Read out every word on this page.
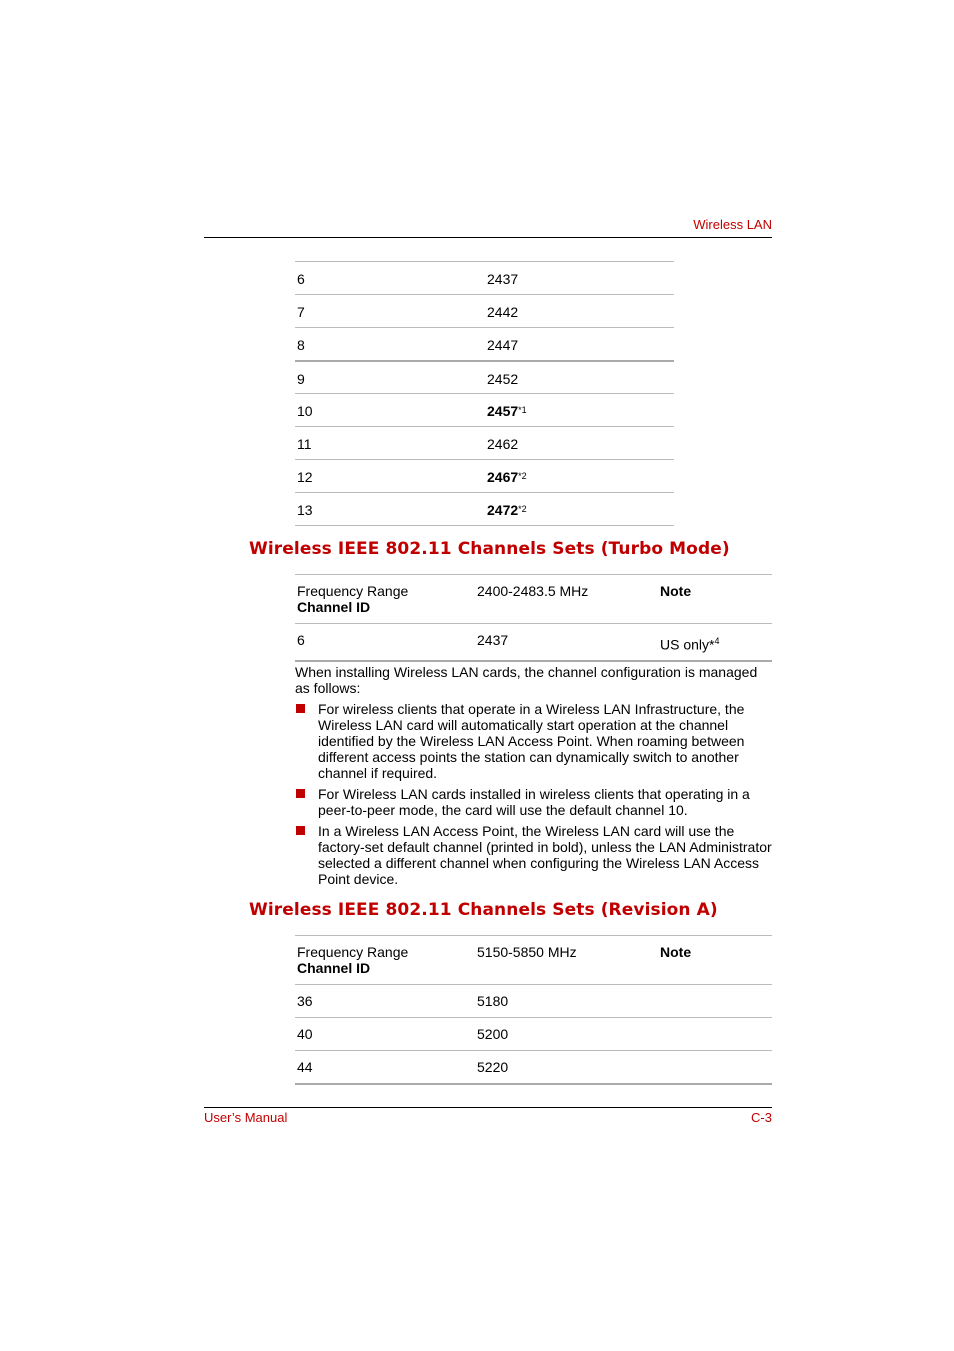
Wireless LAN
6	2437
7	2442
8	2447
9	2452
10	2457$^{*1}$
11	2462
12	2467$^{*2}$
13	2472$^{*2}$
Wireless IEEE 802.11 Channels Sets (Turbo Mode)
Frequency Range
Channel ID	2400-2483.5 MHz	Note
6	2437	US only*$^4$

When installing Wireless LAN cards, the channel configuration is managed as follows:

For wireless clients that operate in a Wireless LAN Infrastructure, the Wireless LAN card will automatically start operation at the channel identified by the Wireless LAN Access Point. When roaming between different access points the station can dynamically switch to another channel if required.
For Wireless LAN cards installed in wireless clients that operating in a peer-to-peer mode, the card will use the default channel 10.
In a Wireless LAN Access Point, the Wireless LAN card will use the factory-set default channel (printed in bold), unless the LAN Administrator selected a different channel when configuring the Wireless LAN Access Point device.
Wireless IEEE 802.11 Channels Sets (Revision A)
Frequency Range
Channel ID	5150-5850 MHz	Note
36	5180	
40	5200	
44	5220	
User’s Manual	C-3
